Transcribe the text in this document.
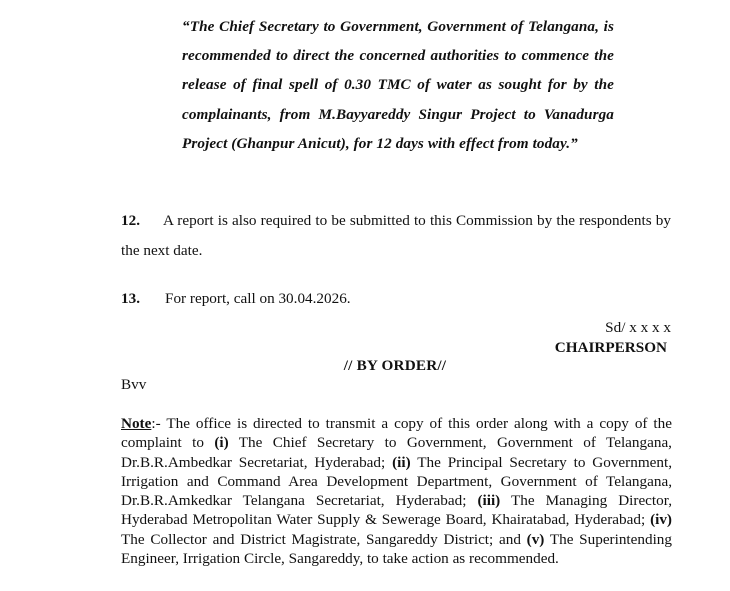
“The Chief Secretary to Government, Government of Telangana, is recommended to direct the concerned authorities to commence the release of final spell of 0.30 TMC of water as sought for by the complainants, from M.Bayyareddy Singur Project to Vanadurga Project (Ghanpur Anicut), for 12 days with effect from today.”
12. A report is also required to be submitted to this Commission by the respondents by the next date.
13. For report, call on 30.04.2026.
Sd/ x x x x
CHAIRPERSON
// BY ORDER//
Bvv
Note:- The office is directed to transmit a copy of this order along with a copy of the complaint to (i) The Chief Secretary to Government, Government of Telangana, Dr.B.R.Ambedkar Secretariat, Hyderabad; (ii) The Principal Secretary to Government, Irrigation and Command Area Development Department, Government of Telangana, Dr.B.R.Amkedkar Telangana Secretariat, Hyderabad; (iii) The Managing Director, Hyderabad Metropolitan Water Supply & Sewerage Board, Khairatabad, Hyderabad; (iv) The Collector and District Magistrate, Sangareddy District; and (v) The Superintending Engineer, Irrigation Circle, Sangareddy, to take action as recommended.
